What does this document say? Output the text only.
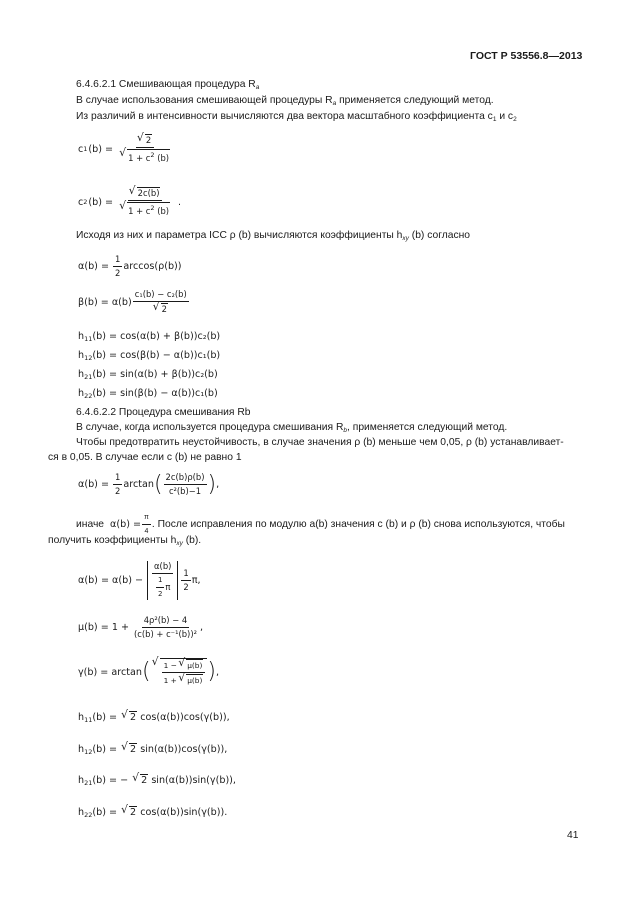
ГОСТ Р 53556.8—2013
6.4.6.2.1 Смешивающая процедура $R_a$
В случае использования смешивающей процедуры $R_a$ применяется следующий метод.
Из различий в интенсивности вычисляются два вектора масштабного коэффициента $c_1$ и $c_2$
c 1 (b) = √ 2
√ $1 + c^2$ (b)
c 2 (b) = √ 2c(b)
√ $1 + c^2$ (b) .
Исходя из них и параметра ICC ρ (b) вычисляются коэффициенты $h_{xy}$ (b) согласно
$\alpha(b) = \frac{1}{2} \arccos(\rho(b))$
β(b) = α(b) c₁(b) − c₂(b)
√ 2
$h_{11}(b) = \cos(\alpha(b) + \beta(b))c_2(b)$
$h_{12}(b) = \cos(\beta(b) - \alpha(b))c_1(b)$
$h_{21}(b) = \sin(\alpha(b) + \beta(b))c_2(b)$
$h_{22}(b) = \sin(\beta(b) - \alpha(b))c_1(b)$
6.4.6.2.2 Процедура смешивания Rb
В случае, когда используется процедура смешивания $R_b$, применяется следующий метод.
Чтобы предотвратить неустойчивость, в случае значения ρ (b) меньше чем 0,05, ρ (b) устанавливает-
ся в 0,05. В случае если c (b) не равно 1
$\alpha(b) = \frac{1}{2}$ arctan ( $\frac{2c(b)\rho(b)}{\text{c²(b)−1}}$ ) ,
иначе $\alpha(b) = \frac{\pi}{4}$ . После исправления по модулю a(b) значения c (b) и ρ (b) снова используются, чтобы
получить коэффициенты $h_{xy}$ (b).
$\alpha(b) = \alpha(b) - \frac{\alpha(b)}{\frac{1}{2} \pi} \frac{1}{2} \pi$,
$\mu(b) = 1 + \frac{\text{4ρ²(b) − 4}}{\text{(c(b) + c⁻¹(b))²}}$ ,
γ(b) = arctan ( √ $\frac{1 - √ \mu(b)}{1 + √ \mu(b)}$ ) ,
$h_{11}(b)$ = √ 2 cos(α(b))cos(γ(b)),
$h_{12}(b)$ = √ 2 sin(α(b))cos(γ(b)),
$h_{21}(b)$ = − √ 2 sin(α(b))sin(γ(b)),
$h_{22}(b)$ = √ 2 cos(α(b))sin(γ(b)).
41
